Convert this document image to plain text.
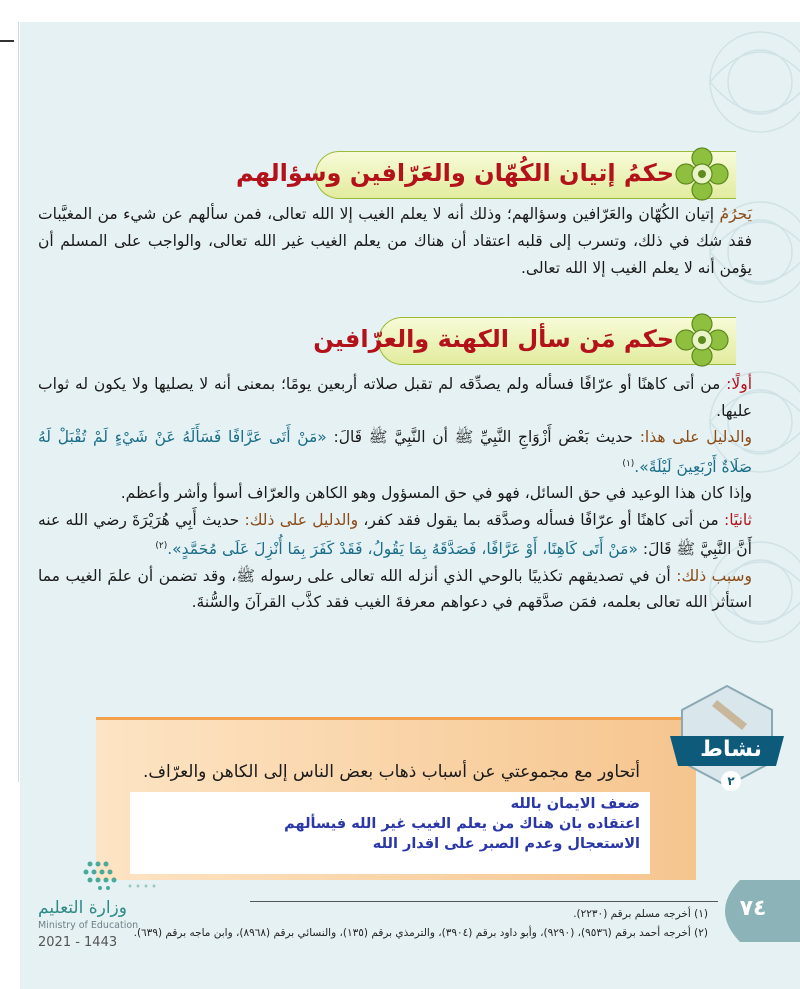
حكمُ إتيان الكُهّان والعَرّافين وسؤالهم

يَحرُمُ إتيان الكُهّان والعَرّافين وسؤالهم؛ وذلك أنه لا يعلم الغيب إلا الله تعالى، فمن سألهم عن شيء من المغيَّبات فقد شك في ذلك، وتسرب إلى قلبه اعتقاد أن هناك من يعلم الغيب غير الله تعالى، والواجب على المسلم أن يؤمن أنه لا يعلم الغيب إلا الله تعالى.

حكم مَن سأل الكهنة والعرّافين

أولًا: من أتى كاهنًا أو عرّافًا فسأله ولم يصدِّقه لم تقبل صلاته أربعين يومًا؛ بمعنى أنه لا يصليها ولا يكون له ثواب عليها.

والدليل على هذا: حديث بَعْض أَزْوَاجِ النَّبِيِّ ﷺ أن النَّبِيَّ ﷺ قَالَ: «مَنْ أَتَى عَرَّافًا فَسَأَلَهُ عَنْ شَيْءٍ لَمْ تُقْبَلْ لَهُ صَلَاةٌ أَرْبَعِينَ لَيْلَةً».$^{(١)}$

وإذا كان هذا الوعيد في حق السائل، فهو في حق المسؤول وهو الكاهن والعرّاف أسوأ وأشر وأعظم.

ثانيًا: من أتى كاهنًا أو عرّافًا فسأله وصدَّقه بما يقول فقد كفر، والدليل على ذلك: حديث أَبِي هُرَيْرَةَ رضي الله عنه أَنَّ النَّبِيَّ ﷺ قَالَ: «مَنْ أَتَى كَاهِنًا، أَوْ عَرَّافًا، فَصَدَّقَهُ بِمَا يَقُولُ، فَقَدْ كَفَرَ بِمَا أُنْزِلَ عَلَى مُحَمَّدٍ».$^{(٢)}$

وسبب ذلك: أن في تصديقهم تكذيبًا بالوحي الذي أنزله الله تعالى على رسوله ﷺ، وقد تضمن أن علمَ الغيب مما استأثر الله تعالى بعلمه، فمَن صدَّقهم في دعواهم معرفةَ الغيب فقد كذَّب القرآنَ والسُّنةَ.

أتحاور مع مجموعتي عن أسباب ذهاب بعض الناس إلى الكاهن والعرّاف.
ضعف الايمان بالله
اعتقاده بان هناك من يعلم الغيب غير الله فيسألهم
الاستعجال وعدم الصبر على اقدار الله
نشاط
٢
(١) أخرجه مسلم برقم (٢٢٣٠).
(٢) أخرجه أحمد برقم (٩٥٣٦)، (٩٢٩٠)، وأبو داود برقم (٣٩٠٤)، والترمذي برقم (١٣٥)، والنسائي برقم (٨٩٦٨)، وابن ماجه برقم (٦٣٩).
٧٤
وزارة التعليم
Ministry of Education
2021 - 1443
